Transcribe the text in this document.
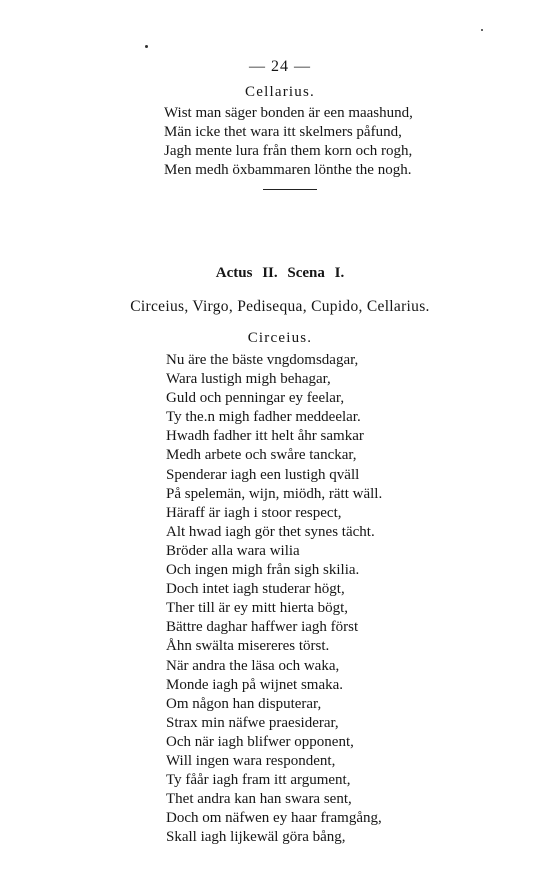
— 24 —
Cellarius.
Wist man säger bonden är een maashund,
Män icke thet wara itt skelmers påfund,
Jagh mente lura från them korn och rogh,
Men medh öxbammaren lönthe the nogh.
Actus II. Scena I.
Circeius, Virgo, Pedisequa, Cupido, Cellarius.
Circeius.
Nu äre the bäste vngdomsdagar,
Wara lustigh migh behagar,
Guld och penningar ey feelar,
Ty the.n migh fadher meddeelar.
Hwadh fadher itt helt åhr samkar
Medh arbete och swåre tanckar,
Spenderar iagh een lustigh qväll
På spelemän, wijn, miödh, rätt wäll.
Häraff är iagh i stoor respect,
Alt hwad iagh gör thet synes tächt.
Bröder alla wara wilia
Och ingen migh från sigh skilia.
Doch intet iagh studerar högt,
Ther till är ey mitt hierta bögt,
Bättre daghar haffwer iagh först
Åhn swälta misereres törst.
När andra the läsa och waka,
Monde iagh på wijnet smaka.
Om någon han disputerar,
Strax min näfwe praesiderar,
Och när iagh blifwer opponent,
Will ingen wara respondent,
Ty fåår iagh fram itt argument,
Thet andra kan han swara sent,
Doch om näfwen ey haar framgång,
Skall iagh lijkewäl göra bång,
